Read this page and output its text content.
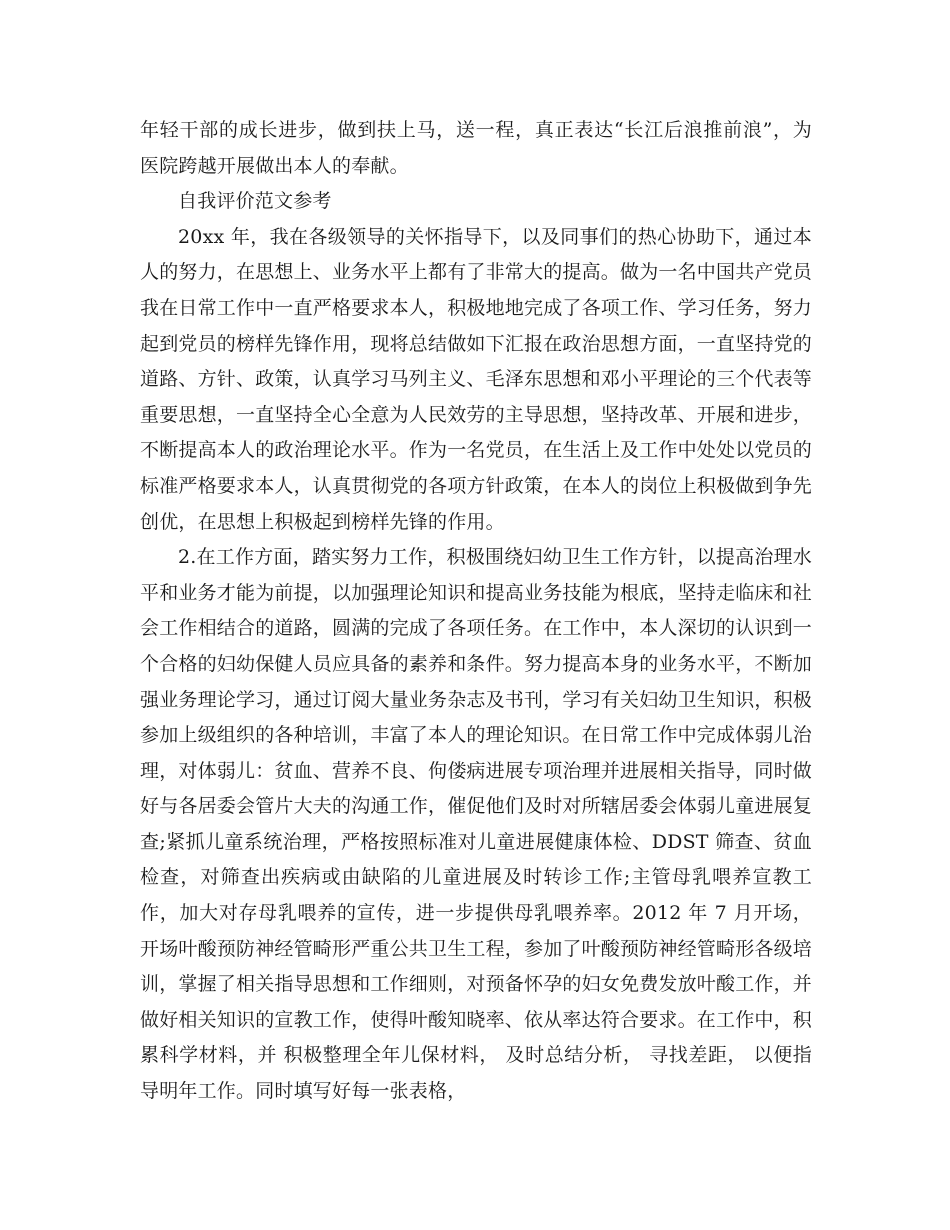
年轻干部的成长进步，做到扶上马，送一程，真正表达“长江后浪推前浪”，为医院跨越开展做出本人的奉献。

自我评价范文参考

20xx 年，我在各级领导的关怀指导下，以及同事们的热心协助下，通过本人的努力，在思想上、业务水平上都有了非常大的提高。做为一名中国共产党员我在日常工作中一直严格要求本人，积极地地完成了各项工作、学习任务，努力起到党员的榜样先锋作用，现将总结做如下汇报在政治思想方面，一直坚持党的道路、方针、政策，认真学习马列主义、毛泽东思想和邓小平理论的三个代表等重要思想，一直坚持全心全意为人民效劳的主导思想，坚持改革、开展和进步，不断提高本人的政治理论水平。作为一名党员，在生活上及工作中处处以党员的标准严格要求本人，认真贯彻党的各项方针政策，在本人的岗位上积极做到争先创优，在思想上积极起到榜样先锋的作用。

2.在工作方面，踏实努力工作，积极围绕妇幼卫生工作方针，以提高治理水平和业务才能为前提，以加强理论知识和提高业务技能为根底，坚持走临床和社会工作相结合的道路，圆满的完成了各项任务。在工作中，本人深切的认识到一个合格的妇幼保健人员应具备的素养和条件。努力提高本身的业务水平，不断加强业务理论学习，通过订阅大量业务杂志及书刊，学习有关妇幼卫生知识，积极参加上级组织的各种培训，丰富了本人的理论知识。在日常工作中完成体弱儿治理，对体弱儿：贫血、营养不良、佝偻病进展专项治理并进展相关指导，同时做好与各居委会管片大夫的沟通工作，催促他们及时对所辖居委会体弱儿童进展复查;紧抓儿童系统治理，严格按照标准对儿童进展健康体检、DDST 筛查、贫血检查，对筛查出疾病或由缺陷的儿童进展及时转诊工作;主管母乳喂养宣教工作，加大对存母乳喂养的宣传，进一步提供母乳喂养率。2012 年 7 月开场，开场叶酸预防神经管畸形严重公共卫生工程，参加了叶酸预防神经管畸形各级培训，掌握了相关指导思想和工作细则，对预备怀孕的妇女免费发放叶酸工作，并做好相关知识的宣教工作，使得叶酸知晓率、依从率达符合要求。在工作中，积累科学材料，并 积极整理全年儿保材料， 及时总结分析， 寻找差距， 以便指导明年工作。同时填写好每一张表格，
